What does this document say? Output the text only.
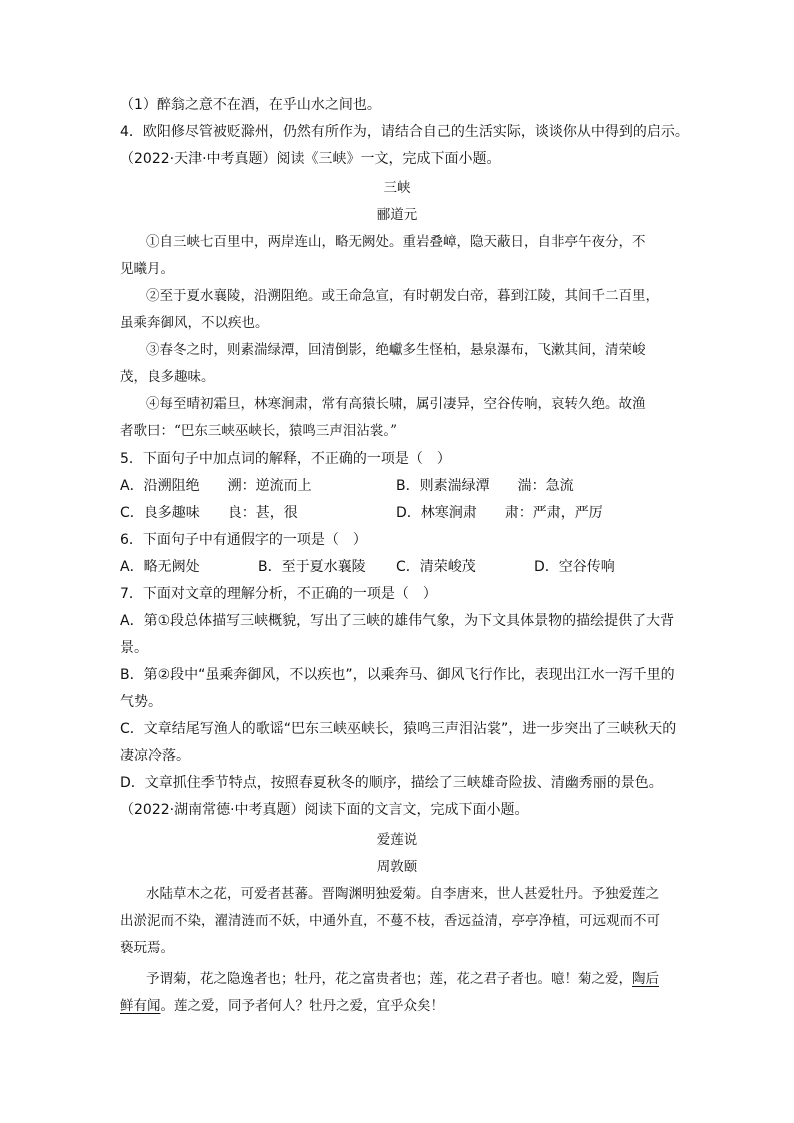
（1）醉翁之意不在酒，在乎山水之间也。
4．欧阳修尽管被贬滁州，仍然有所作为，请结合自己的生活实际，谈谈你从中得到的启示。
（2022·天津·中考真题）阅读《三峡》一文，完成下面小题。
三峡
郦道元
①自三峡七百里中，两岸连山，略无阙处。重岩叠嶂，隐天蔽日，自非亭午夜分，不
见曦月。
②至于夏水襄陵，沿溯阻绝。或王命急宣，有时朝发白帝，暮到江陵，其间千二百里，
虽乘奔御风，不以疾也。
③春冬之时，则素湍绿潭，回清倒影，绝巘多生怪柏，悬泉瀑布，飞漱其间，清荣峻
茂，良多趣味。
④每至晴初霜旦，林寒涧肃，常有高猿长啸，属引凄异，空谷传响，哀转久绝。故渔
者歌曰：“巴东三峡巫峡长，猿鸣三声泪沾裳。”
5．下面句子中加点词的解释，不正确的一项是（　）
A．沿溯阻绝　　溯：逆流而上	B．则素湍绿潭　　湍：急流
C．良多趣味　　良：甚，很	D．林寒涧肃　　肃：严肃，严厉
6．下面句子中有通假字的一项是（　）
A．略无阙处	B．至于夏水襄陵 C．清荣峻茂	D．空谷传响
7．下面对文章的理解分析，不正确的一项是（　）
A．第①段总体描写三峡概貌，写出了三峡的雄伟气象，为下文具体景物的描绘提供了大背
景。
B．第②段中“虽乘奔御风，不以疾也”，以乘奔马、御风飞行作比，表现出江水一泻千里的
气势。
C．文章结尾写渔人的歌谣“巴东三峡巫峡长，猿鸣三声泪沾裳”，进一步突出了三峡秋天的
凄凉冷落。
D．文章抓住季节特点，按照春夏秋冬的顺序，描绘了三峡雄奇险拔、清幽秀丽的景色。
（2022·湖南常德·中考真题）阅读下面的文言文，完成下面小题。
爱莲说
周敦颐
水陆草木之花，可爱者甚蕃。晋陶渊明独爱菊。自李唐来，世人甚爱牡丹。予独爱莲之
出淤泥而不染，濯清涟而不妖，中通外直，不蔓不枝，香远益清，亭亭净植，可远观而不可
亵玩焉。
予谓菊，花之隐逸者也；牡丹，花之富贵者也；莲，花之君子者也。噫！菊之爱，陶后
鲜有闻。莲之爱，同予者何人？牡丹之爱，宜乎众矣！
